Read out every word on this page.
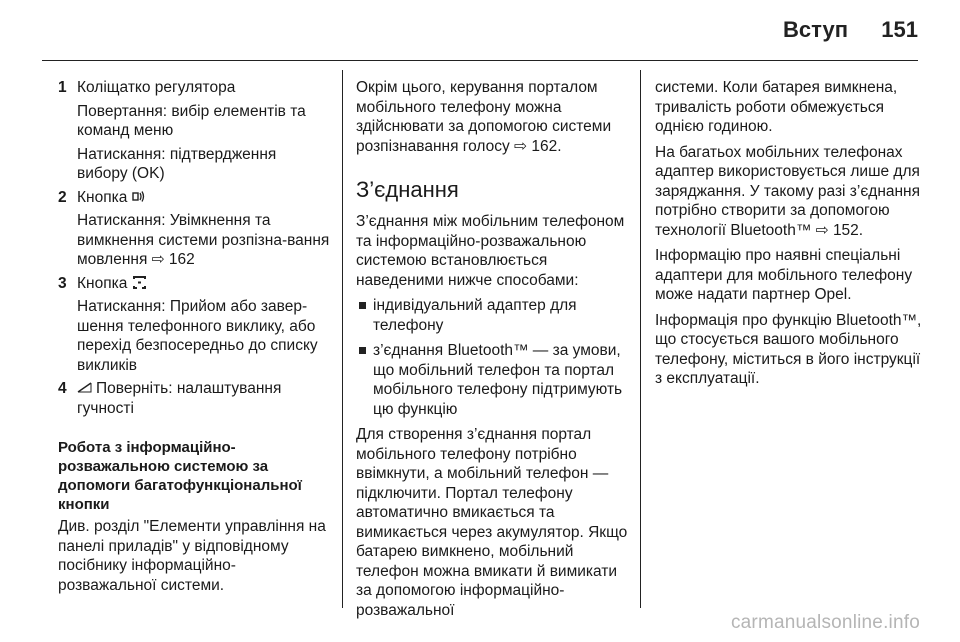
Вступ 151
1 Коліщатко регулятора

Повертання: вибір елементів та команд меню

Натискання: підтвердження вибору (OK)

2 Кнопка

Натискання: Увімкнення та вимкнення системи розпізна-вання мовлення ⇨ 162

3 Кнопка

Натискання: Прийом або завер-шення телефонного виклику, або перехід безпосередньо до списку викликів

4	Поверніть: налаштування гучності

Робота з інформаційно-розважальною системою за допомоги багатофункціональної кнопки

Див. розділ "Елементи управління на панелі приладів" у відповідному посібнику інформаційно-розважальної системи.

Окрім цього, керування порталом мобільного телефону можна здійснювати за допомогою системи розпізнавання голосу ⇨ 162.

З’єднання

З’єднання між мобільним телефоном та інформаційно-розважальною системою встановлюється наведеними нижче способами:

індивідуальний адаптер для телефону
з’єднання Bluetooth™ — за умови, що мобільний телефон та портал мобільного телефону підтримують цю функцію

Для створення з’єднання портал мобільного телефону потрібно ввімкнути, а мобільний телефон — підключити. Портал телефону автоматично вмикається та вимикається через акумулятор. Якщо батарею вимкнено, мобільний телефон можна вмикати й вимикати за допомогою інформаційно-розважальної

системи. Коли батарея вимкнена, тривалість роботи обмежується однією годиною.

На багатьох мобільних телефонах адаптер використовується лише для заряджання. У такому разі з’єднання потрібно створити за допомогою технології Bluetooth™ ⇨ 152.

Інформацію про наявні спеціальні адаптери для мобільного телефону може надати партнер Opel.

Інформація про функцію Bluetooth™, що стосується вашого мобільного телефону, міститься в його інструкції з експлуатації.

carmanualsonline.info
